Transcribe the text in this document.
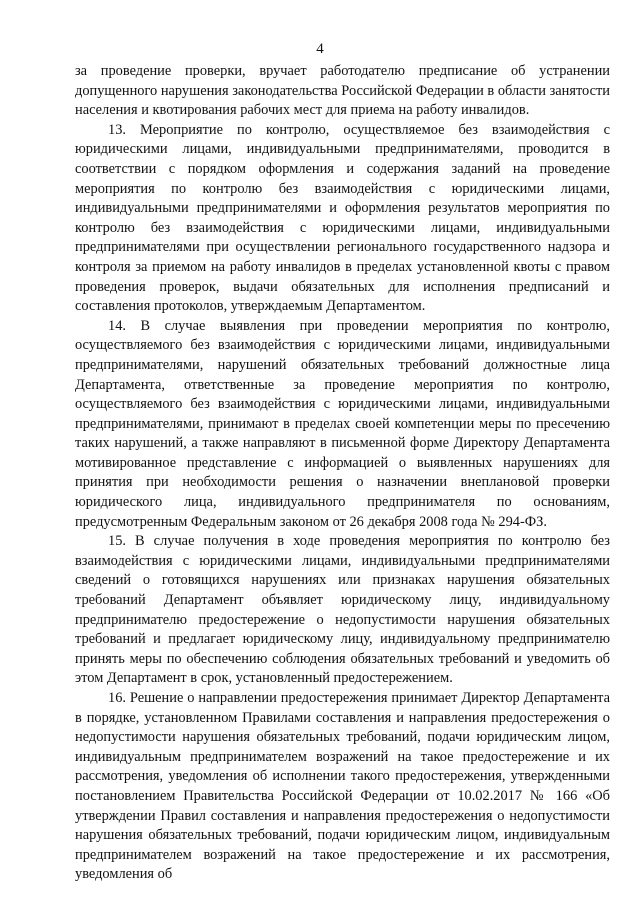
4

за проведение проверки, вручает работодателю предписание об устранении допущенного нарушения законодательства Российской Федерации в области занятости населения и квотирования рабочих мест для приема на работу инвалидов.

13. Мероприятие по контролю, осуществляемое без взаимодействия с юридическими лицами, индивидуальными предпринимателями, проводится в соответствии с порядком оформления и содержания заданий на проведение мероприятия по контролю без взаимодействия с юридическими лицами, индивидуальными предпринимателями и оформления результатов мероприятия по контролю без взаимодействия с юридическими лицами, индивидуальными предпринимателями при осуществлении регионального государственного надзора и контроля за приемом на работу инвалидов в пределах установленной квоты с правом проведения проверок, выдачи обязательных для исполнения предписаний и составления протоколов, утверждаемым Департаментом.

14. В случае выявления при проведении мероприятия по контролю, осуществляемого без взаимодействия с юридическими лицами, индивидуальными предпринимателями, нарушений обязательных требований должностные лица Департамента, ответственные за проведение мероприятия по контролю, осуществляемого без взаимодействия с юридическими лицами, индивидуальными предпринимателями, принимают в пределах своей компетенции меры по пресечению таких нарушений, а также направляют в письменной форме Директору Департамента мотивированное представление с информацией о выявленных нарушениях для принятия при необходимости решения о назначении внеплановой проверки юридического лица, индивидуального предпринимателя по основаниям, предусмотренным Федеральным законом от 26 декабря 2008 года № 294-ФЗ.

15. В случае получения в ходе проведения мероприятия по контролю без взаимодействия с юридическими лицами, индивидуальными предпринимателями сведений о готовящихся нарушениях или признаках нарушения обязательных требований Департамент объявляет юридическому лицу, индивидуальному предпринимателю предостережение о недопустимости нарушения обязательных требований и предлагает юридическому лицу, индивидуальному предпринимателю принять меры по обеспечению соблюдения обязательных требований и уведомить об этом Департамент в срок, установленный предостережением.

16. Решение о направлении предостережения принимает Директор Департамента в порядке, установленном Правилами составления и направления предостережения о недопустимости нарушения обязательных требований, подачи юридическим лицом, индивидуальным предпринимателем возражений на такое предостережение и их рассмотрения, уведомления об исполнении такого предостережения, утвержденными постановлением Правительства Российской Федерации от 10.02.2017 № 166 «Об утверждении Правил составления и направления предостережения о недопустимости нарушения обязательных требований, подачи юридическим лицом, индивидуальным предпринимателем возражений на такое предостережение и их рассмотрения, уведомления об
